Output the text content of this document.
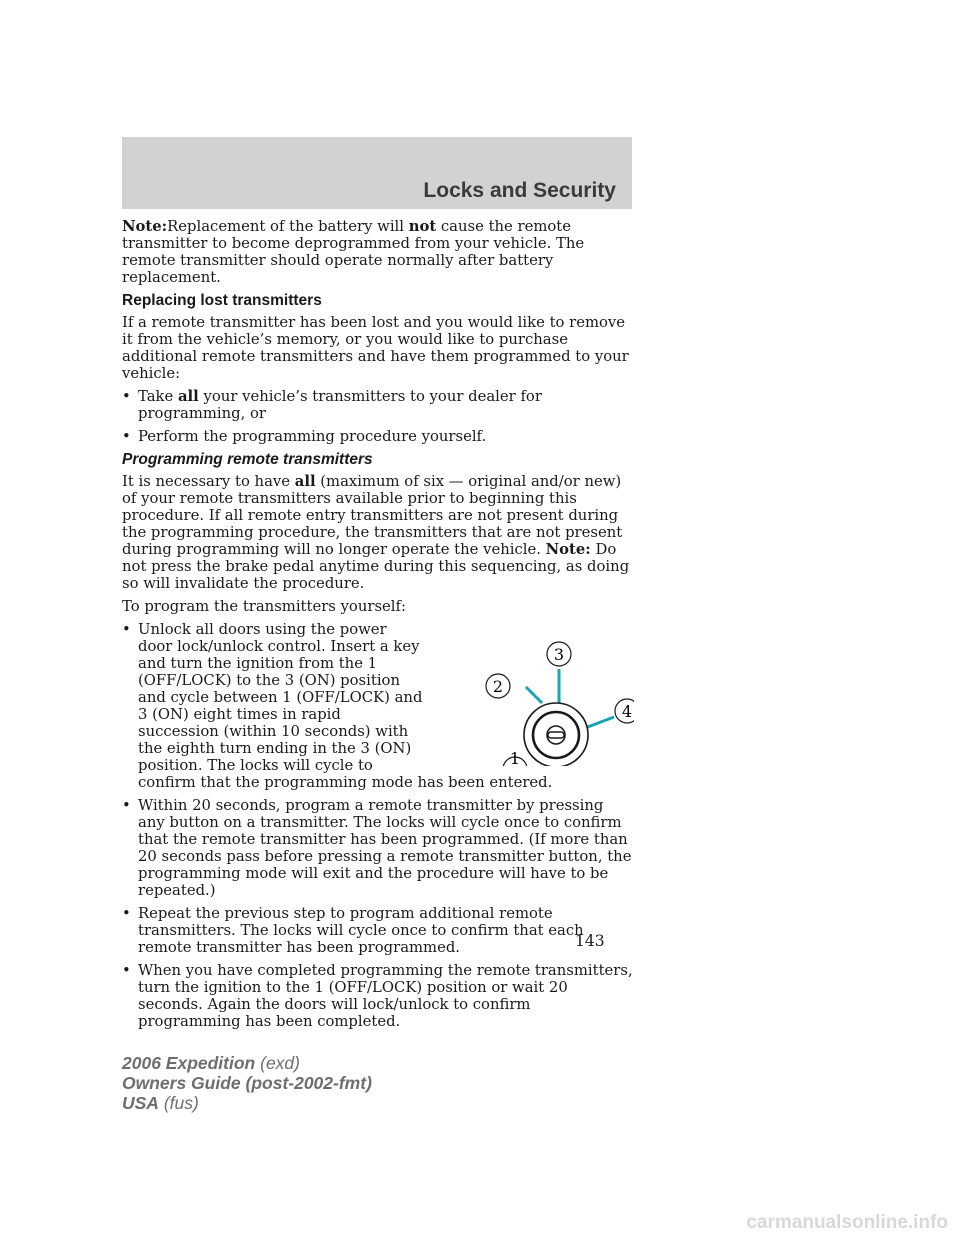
Locks and Security

Note:Replacement of the battery will not cause the remote transmitter to become deprogrammed from your vehicle. The remote transmitter should operate normally after battery replacement.

Replacing lost transmitters

If a remote transmitter has been lost and you would like to remove it from the vehicle’s memory, or you would like to purchase additional remote transmitters and have them programmed to your vehicle:

• Take all your vehicle’s transmitters to your dealer for programming, or
• Perform the programming procedure yourself.
Programming remote transmitters

It is necessary to have all (maximum of six — original and/or new) of your remote transmitters available prior to beginning this procedure. If all remote entry transmitters are not present during the programming procedure, the transmitters that are not present during programming will no longer operate the vehicle. Note: Do not press the brake pedal anytime during this sequencing, as doing so will invalidate the procedure.

To program the transmitters yourself:

3
2
4
1
• Unlock all doors using the power door lock/unlock control. Insert a key and turn the ignition from the 1 (OFF/LOCK) to the 3 (ON) position and cycle between 1 (OFF/LOCK) and 3 (ON) eight times in rapid succession (within 10 seconds) with the eighth turn ending in the 3 (ON) position. The locks will cycle to confirm that the programming mode has been entered.
• Within 20 seconds, program a remote transmitter by pressing any button on a transmitter. The locks will cycle once to confirm that the remote transmitter has been programmed. (If more than 20 seconds pass before pressing a remote transmitter button, the programming mode will exit and the procedure will have to be repeated.)
• Repeat the previous step to program additional remote transmitters. The locks will cycle once to confirm that each remote transmitter has been programmed.
• When you have completed programming the remote transmitters, turn the ignition to the 1 (OFF/LOCK) position or wait 20 seconds. Again the doors will lock/unlock to confirm programming has been completed.
143
2006 Expedition (exd)
Owners Guide (post-2002-fmt)
USA (fus)
carmanualsonline.info
